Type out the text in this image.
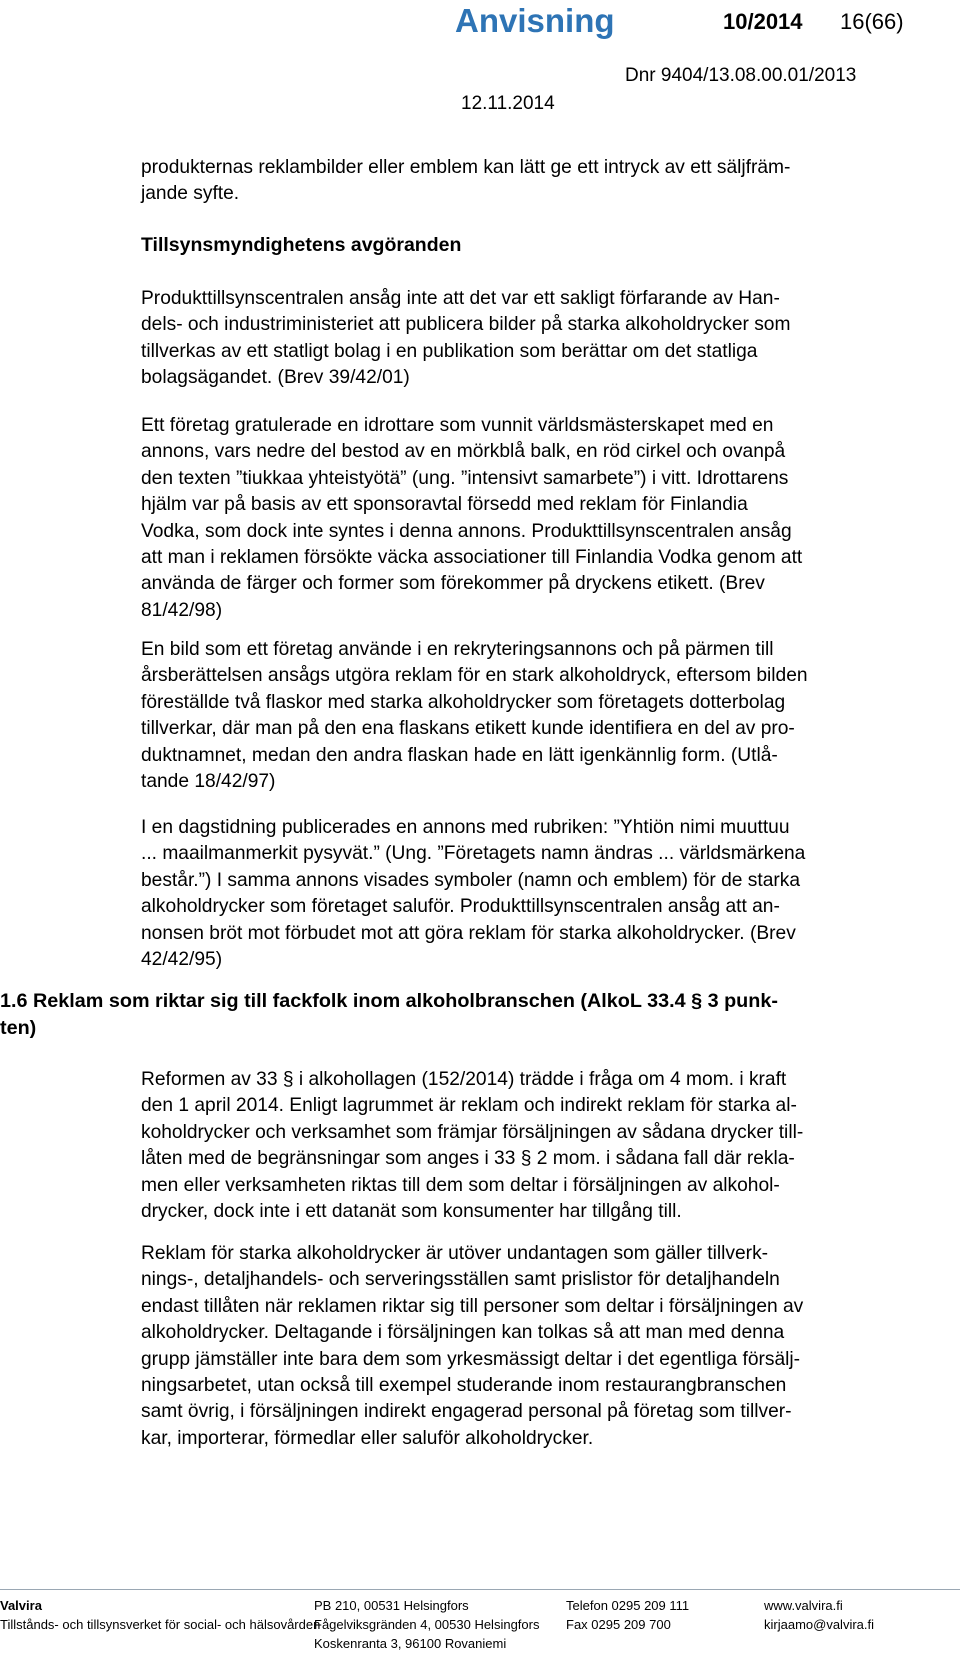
Anvisning	10/2014 16(66)
Dnr 9404/13.08.00.01/2013
12.11.2014
produkternas reklambilder eller emblem kan lätt ge ett intryck av ett säljfräm-
jande syfte.
Tillsynsmyndighetens avgöranden
Produkttillsynscentralen ansåg inte att det var ett sakligt förfarande av Han-
dels- och industriministeriet att publicera bilder på starka alkoholdrycker som
tillverkas av ett statligt bolag i en publikation som berättar om det statliga
bolagsägandet. (Brev 39/42/01)
Ett företag gratulerade en idrottare som vunnit världsmästerskapet med en
annons, vars nedre del bestod av en mörkblå balk, en röd cirkel och ovanpå
den texten ”tiukkaa yhteistyötä” (ung. ”intensivt samarbete”) i vitt. Idrottarens
hjälm var på basis av ett sponsoravtal försedd med reklam för Finlandia
Vodka, som dock inte syntes i denna annons. Produkttillsynscentralen ansåg
att man i reklamen försökte väcka associationer till Finlandia Vodka genom att
använda de färger och former som förekommer på dryckens etikett. (Brev
81/42/98)
En bild som ett företag använde i en rekryteringsannons och på pärmen till
årsberättelsen ansågs utgöra reklam för en stark alkoholdryck, eftersom bilden
föreställde två flaskor med starka alkoholdrycker som företagets dotterbolag
tillverkar, där man på den ena flaskans etikett kunde identifiera en del av pro-
duktnamnet, medan den andra flaskan hade en lätt igenkännlig form. (Utlå-
tande 18/42/97)
I en dagstidning publicerades en annons med rubriken: ”Yhtiön nimi muuttuu
... maailmanmerkit pysyvät.” (Ung. ”Företagets namn ändras ... världsmärkena
består.”) I samma annons visades symboler (namn och emblem) för de starka
alkoholdrycker som företaget saluför. Produkttillsynscentralen ansåg att an-
nonsen bröt mot förbudet mot att göra reklam för starka alkoholdrycker. (Brev
42/42/95)
1.6 Reklam som riktar sig till fackfolk inom alkoholbranschen (AlkoL 33.4 § 3 punk-
ten)
Reformen av 33 § i alkohollagen (152/2014) trädde i fråga om 4 mom. i kraft
den 1 april 2014. Enligt lagrummet är reklam och indirekt reklam för starka al-
koholdrycker och verksamhet som främjar försäljningen av sådana drycker till-
låten med de begränsningar som anges i 33 § 2 mom. i sådana fall där rekla-
men eller verksamheten riktas till dem som deltar i försäljningen av alkohol-
drycker, dock inte i ett datanät som konsumenter har tillgång till.
Reklam för starka alkoholdrycker är utöver undantagen som gäller tillverk-
nings-, detaljhandels- och serveringsställen samt prislistor för detaljhandeln
endast tillåten när reklamen riktar sig till personer som deltar i försäljningen av
alkoholdrycker. Deltagande i försäljningen kan tolkas så att man med denna
grupp jämställer inte bara dem som yrkesmässigt deltar i det egentliga försälj-
ningsarbetet, utan också till exempel studerande inom restaurangbranschen
samt övrig, i försäljningen indirekt engagerad personal på företag som tillver-
kar, importerar, förmedlar eller saluför alkoholdrycker.
Valvira
Tillstånds- och tillsynsverket för social- och hälsovården
PB 210, 00531 Helsingfors
Fågelviksgränden 4, 00530 Helsingfors
Koskenranta 3, 96100 Rovaniemi
Telefon 0295 209 111
Fax 0295 209 700
www.valvira.fi
kirjaamo@valvira.fi
